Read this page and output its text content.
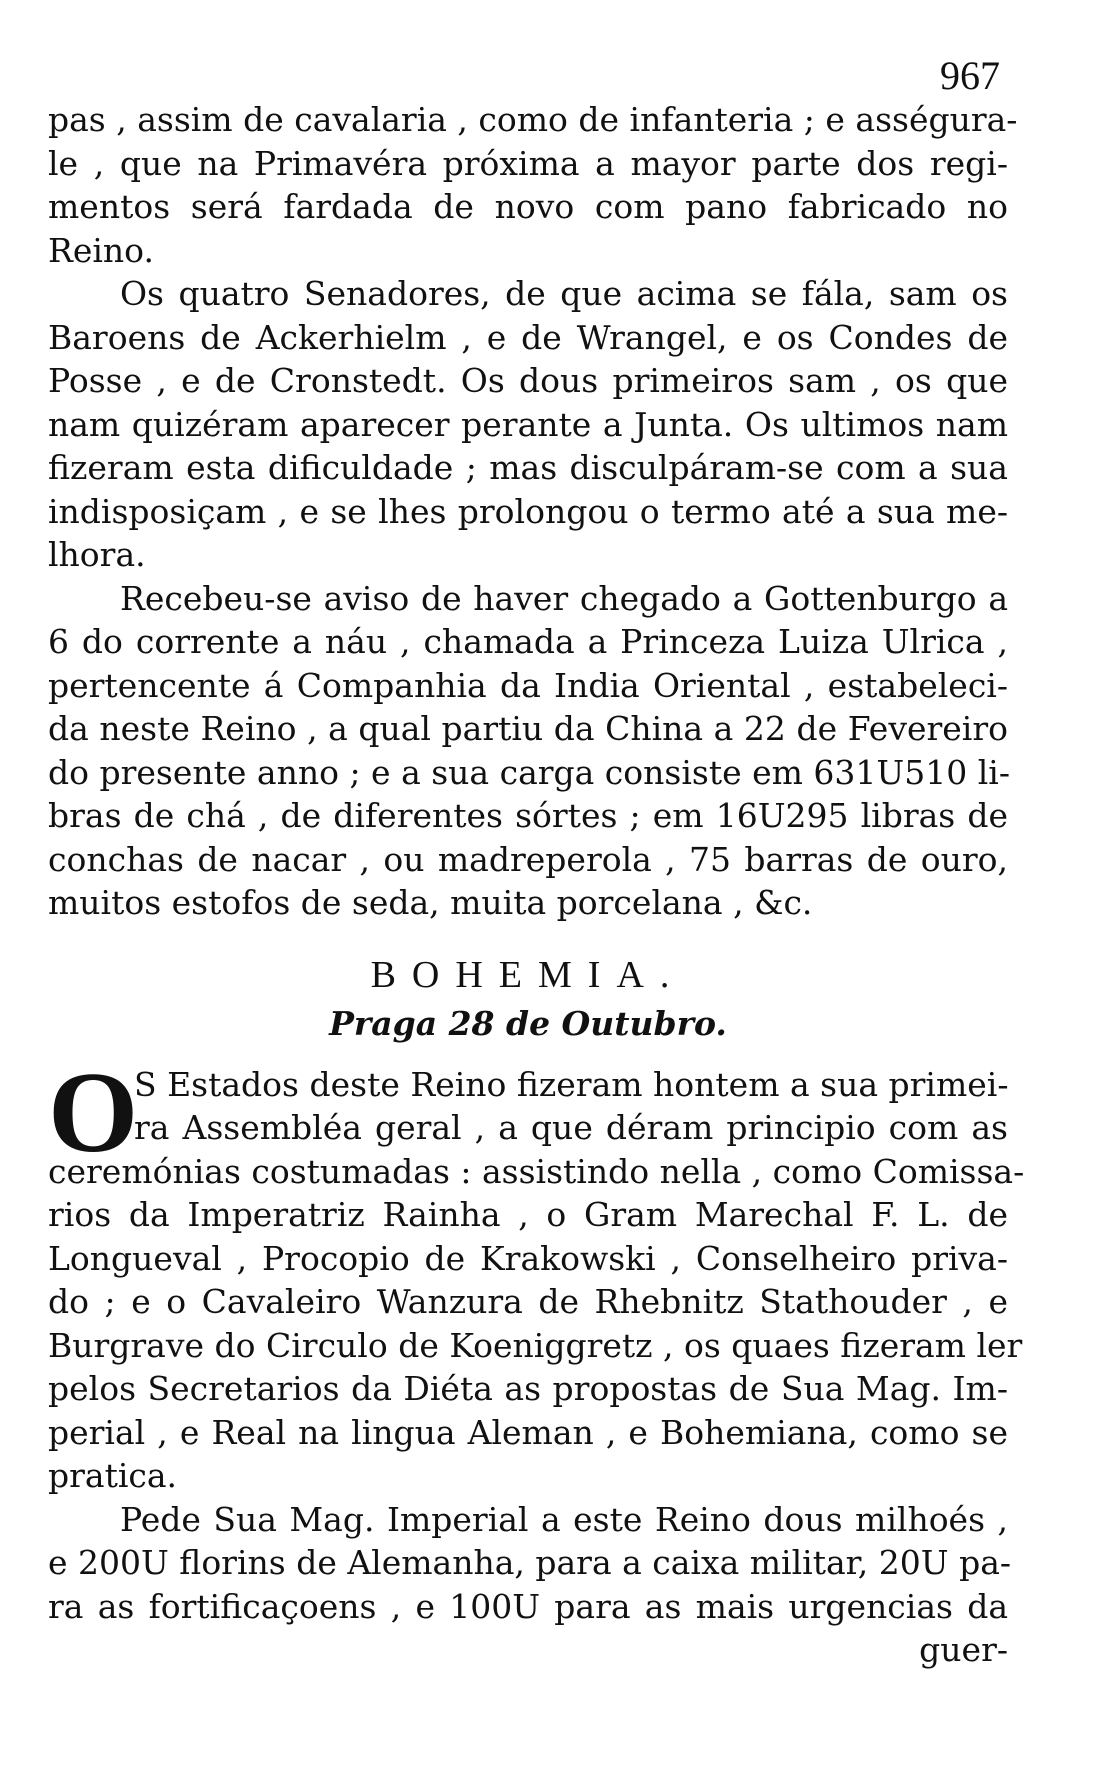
967
pas , assim de cavalaria , como de infanteria ; e asségura-
le , que na Primavéra próxima a mayor parte dos regi-
mentos será fardada de novo com pano fabricado no
Reino.
Os quatro Senadores, de que acima se fála, sam os
Baroens de Ackerhielm , e de Wrangel, e os Condes de
Posse , e de Cronstedt. Os dous primeiros sam , os que
nam quizéram aparecer perante a Junta. Os ultimos nam
fizeram esta dificuldade ; mas disculpáram-se com a sua
indisposiçam , e se lhes prolongou o termo até a sua me-
lhora.
Recebeu-se aviso de haver chegado a Gottenburgo a
6 do corrente a náu , chamada a Princeza Luiza Ulrica ,
pertencente á Companhia da India Oriental , estabeleci-
da neste Reino , a qual partiu da China a 22 de Fevereiro
do presente anno ; e a sua carga consiste em 631U510 li-
bras de chá , de diferentes sórtes ; em 16U295 libras de
conchas de nacar , ou madreperola , 75 barras de ouro,
muitos estofos de seda, muita porcelana , &c.
BOHEMIA.
Praga 28 de Outubro.
O
S Estados deste Reino fizeram hontem a sua primei-
ra Assembléa geral , a que déram principio com as
ceremónias costumadas : assistindo nella , como Comissa-
rios da Imperatriz Rainha , o Gram Marechal F. L. de
Longueval , Procopio de Krakowski , Conselheiro priva-
do ; e o Cavaleiro Wanzura de Rhebnitz Stathouder , e
Burgrave do Circulo de Koeniggretz , os quaes fizeram ler
pelos Secretarios da Diéta as propostas de Sua Mag. Im-
perial , e Real na lingua Aleman , e Bohemiana, como se
pratica.
Pede Sua Mag. Imperial a este Reino dous milhoés ,
e 200U florins de Alemanha, para a caixa militar, 20U pa-
ra as fortificaçoens , e 100U para as mais urgencias da
guer-
